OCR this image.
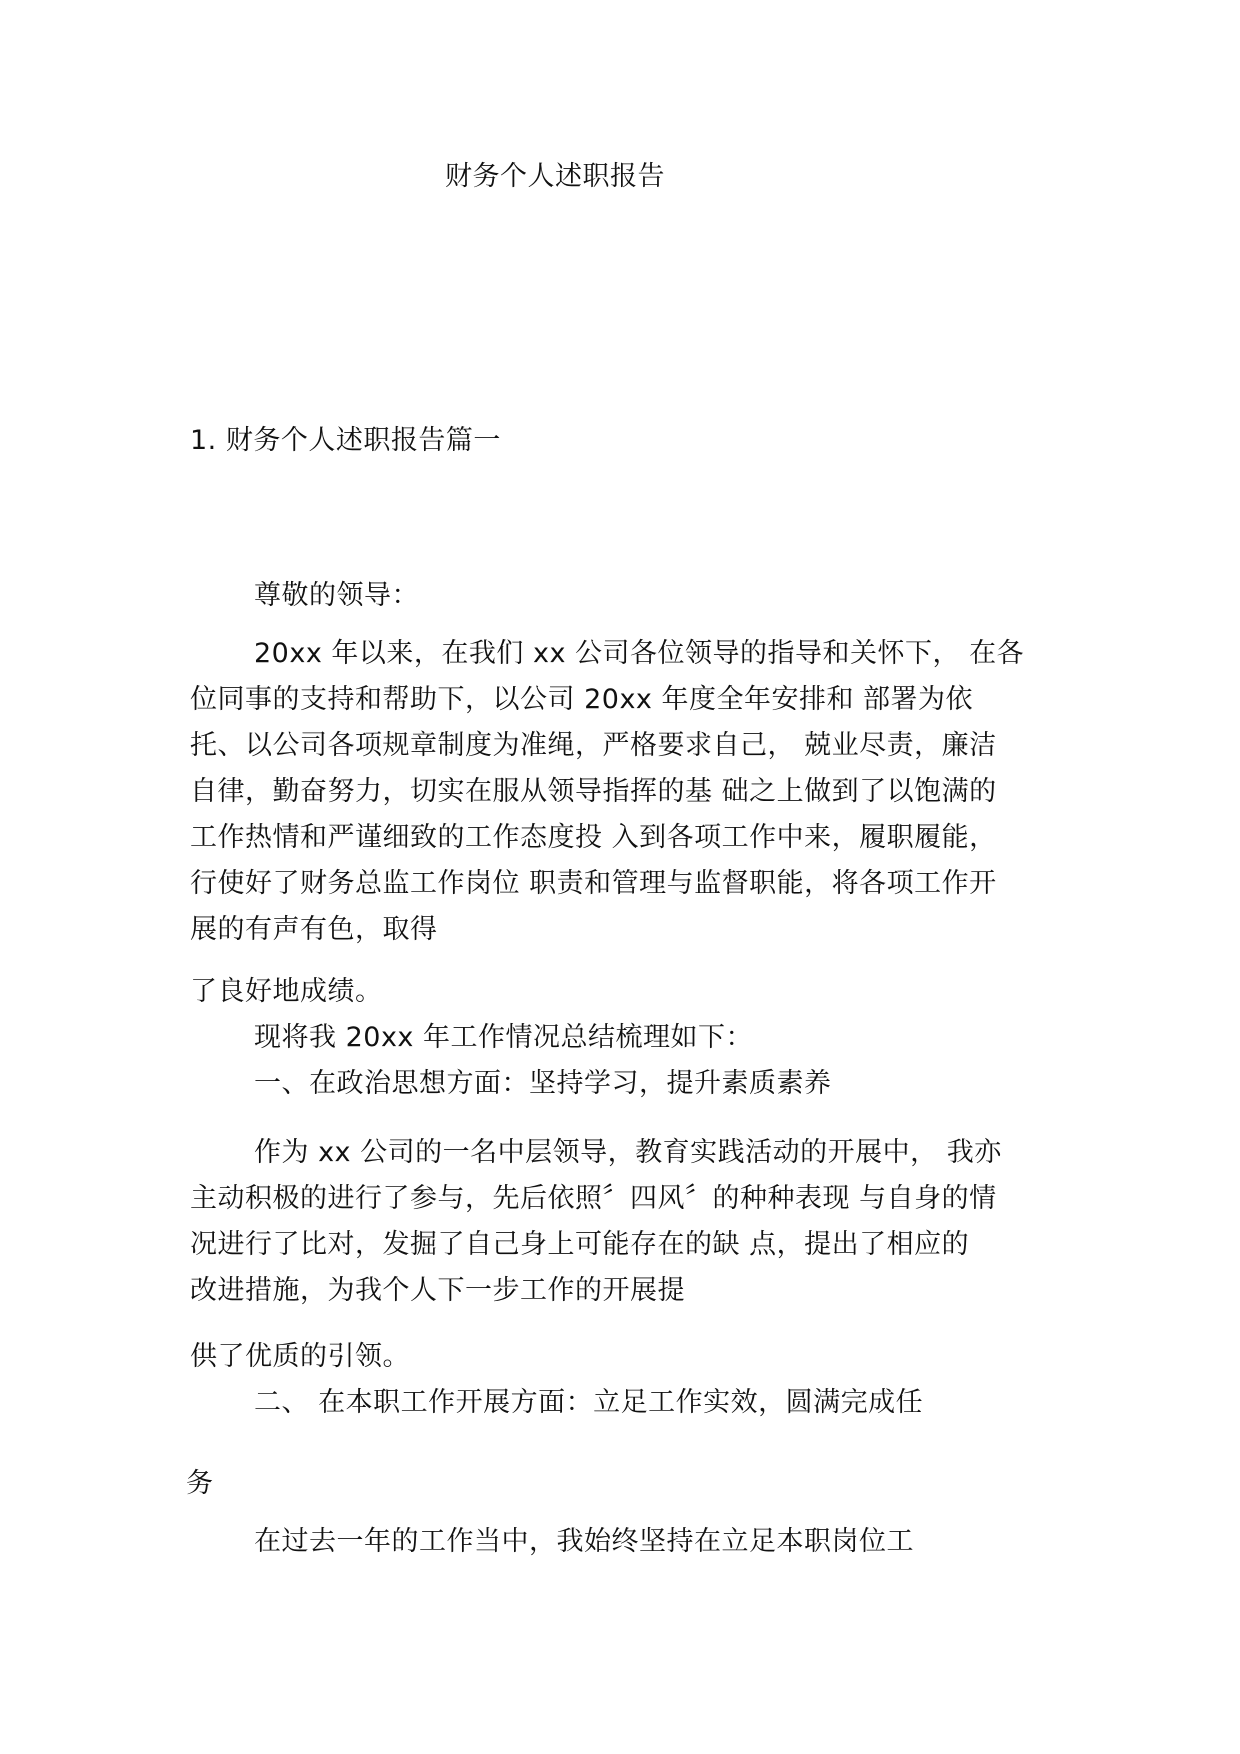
财务个人述职报告
1. 财务个人述职报告篇一
尊敬的领导：
20xx 年以来，在我们 xx 公司各位领导的指导和关怀下， 在各
位同事的支持和帮助下，以公司 20xx 年度全年安排和 部署为依
托、以公司各项规章制度为准绳，严格要求自己， 兢业尽责，廉洁
自律，勤奋努力，切实在服从领导指挥的基 础之上做到了以饱满的
工作热情和严谨细致的工作态度投 入到各项工作中来，履职履能，
行使好了财务总监工作岗位 职责和管理与监督职能，将各项工作开
展的有声有色，取得
了良好地成绩。
现将我 20xx 年工作情况总结梳理如下：
一、在政治思想方面：坚持学习，提升素质素养
作为 xx 公司的一名中层领导，教育实践活动的开展中， 我亦
主动积极的进行了参与，先后依照〞四风〞的种种表现 与自身的情
况进行了比对，发掘了自己身上可能存在的缺 点，提出了相应的
改进措施，为我个人下一步工作的开展提
供了优质的引领。
二、 在本职工作开展方面：立足工作实效，圆满完成任
务
在过去一年的工作当中，我始终坚持在立足本职岗位工
